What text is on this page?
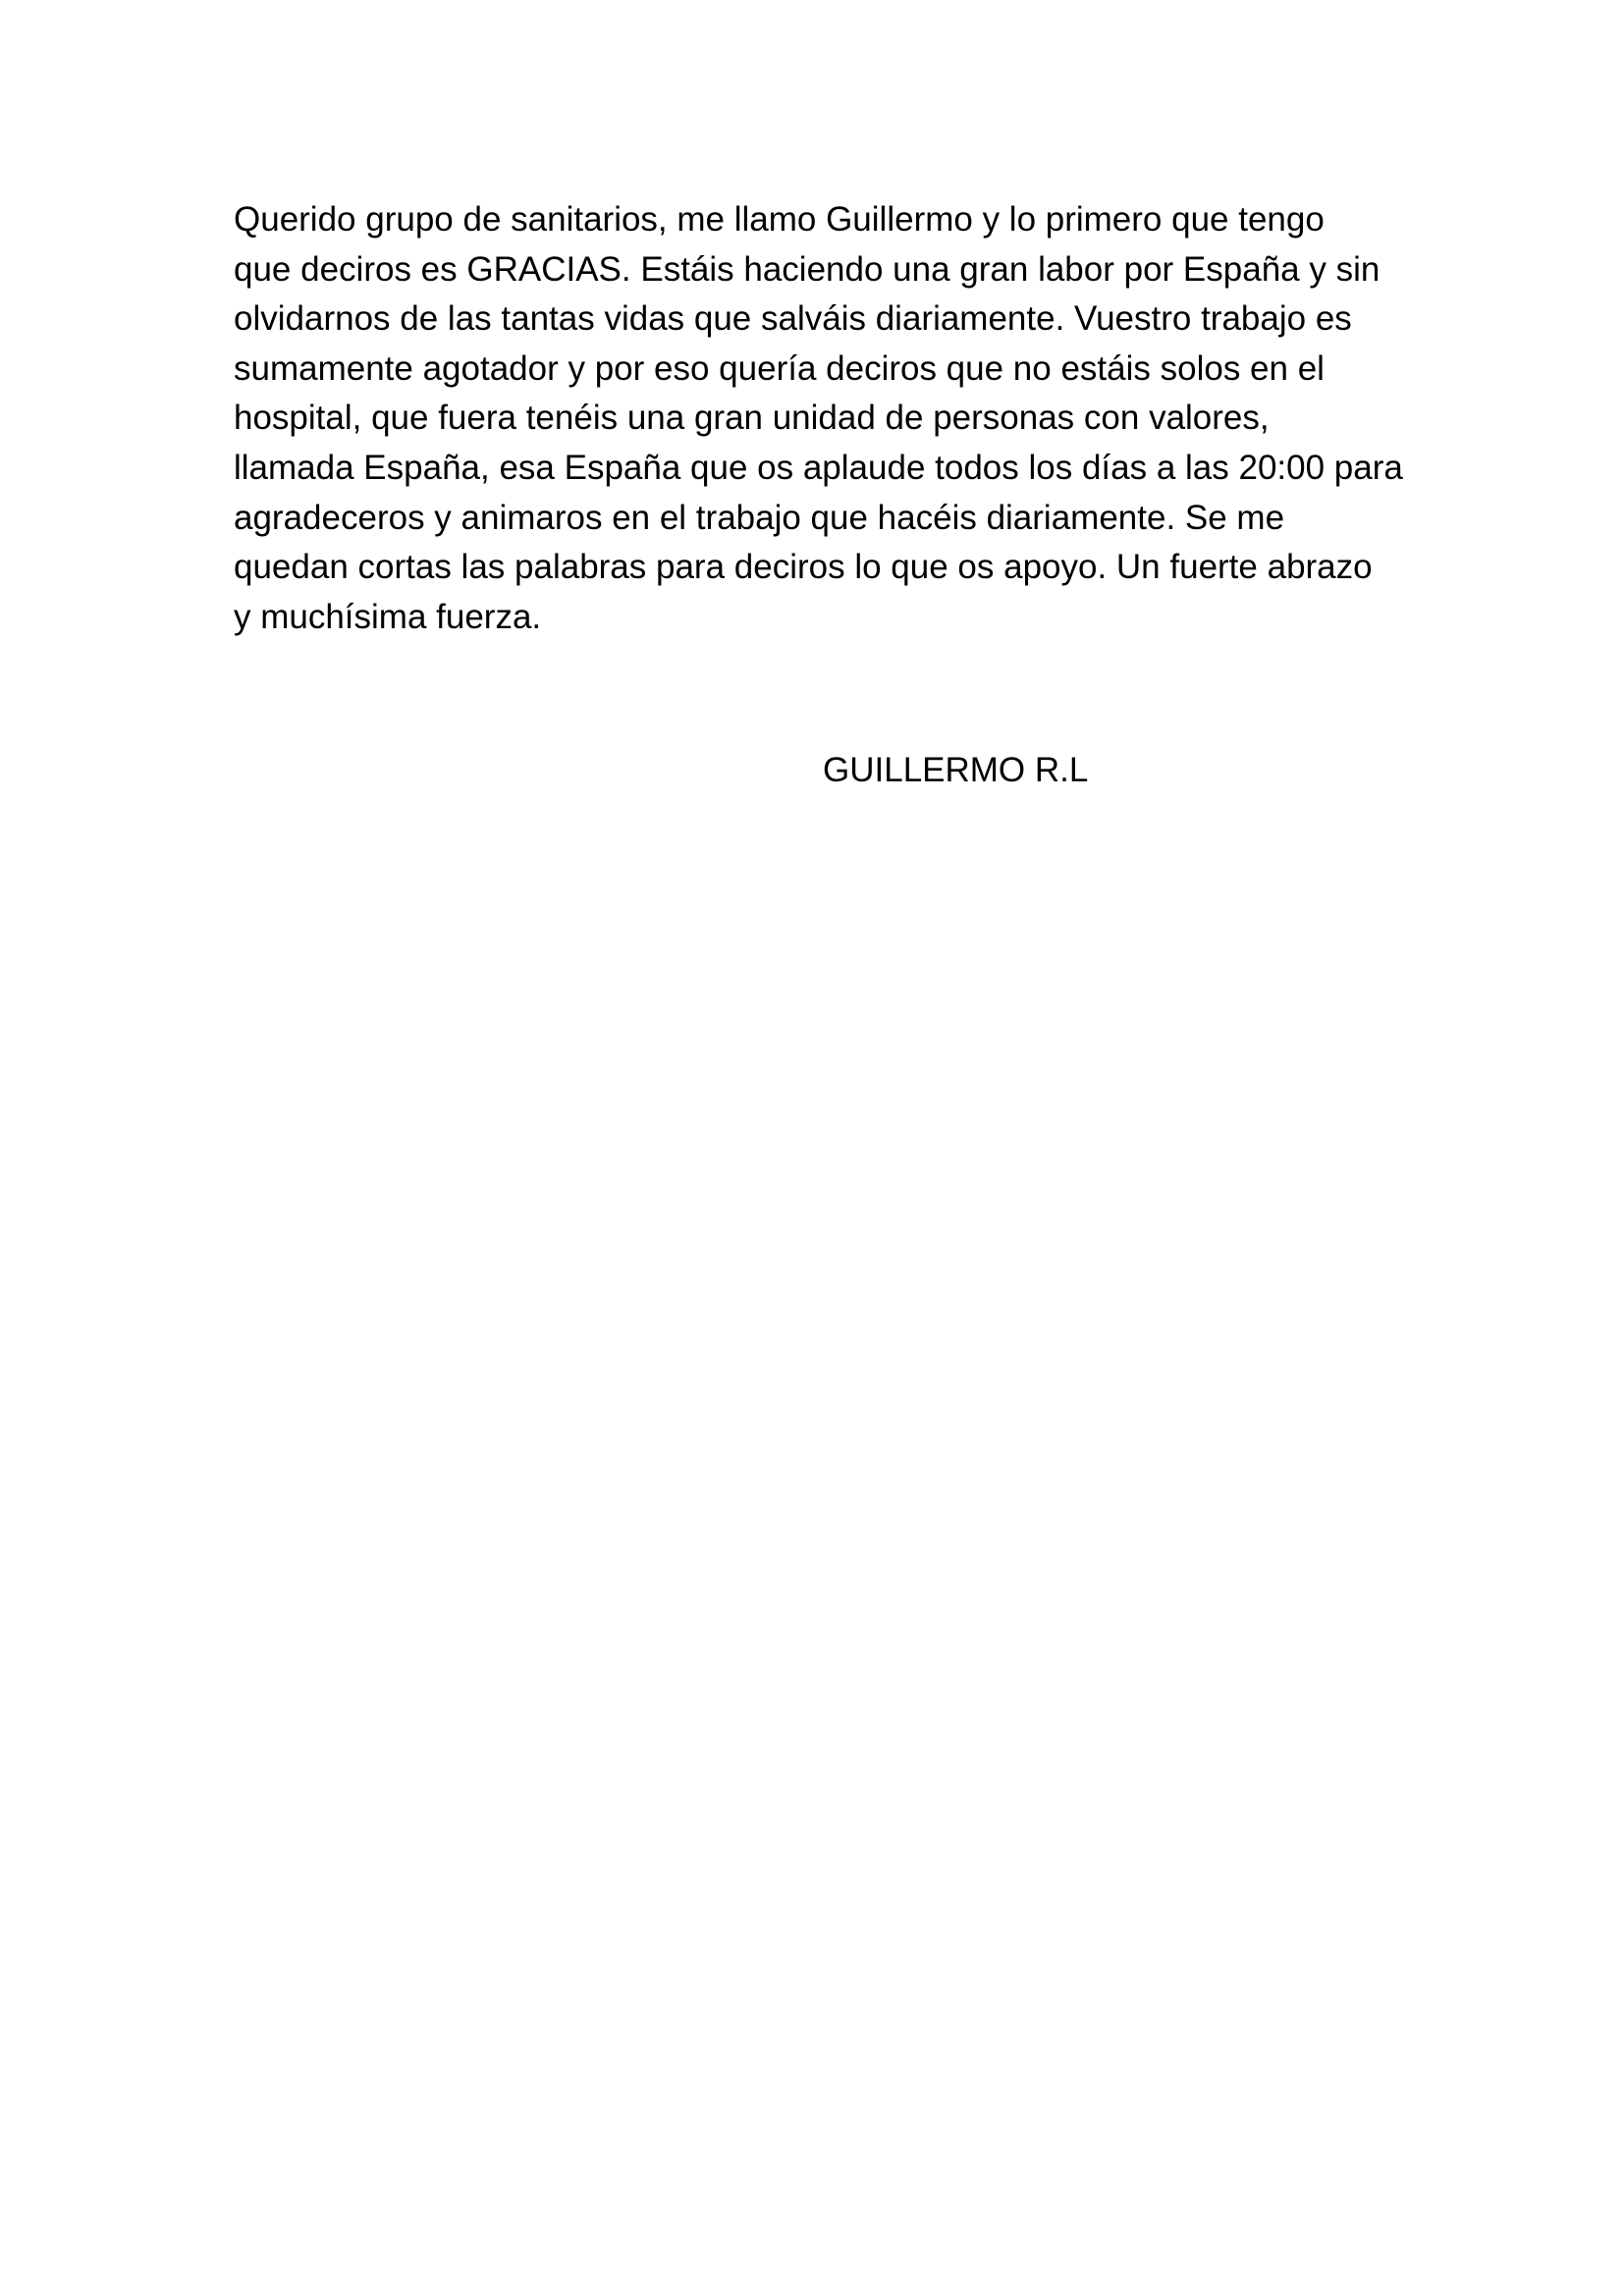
Querido grupo de sanitarios, me llamo Guillermo y lo primero que tengo
que deciros es GRACIAS. Estáis haciendo una gran labor por España y sin
olvidarnos de las tantas vidas que salváis diariamente. Vuestro trabajo es
sumamente agotador y por eso quería deciros que no estáis solos en el
hospital, que fuera tenéis una gran unidad de personas con valores,
llamada España, esa España que os aplaude todos los días a las 20:00 para
agradeceros y animaros en el trabajo que hacéis diariamente. Se me
quedan cortas las palabras para deciros lo que os apoyo. Un fuerte abrazo
y muchísima fuerza.
GUILLERMO R.L
